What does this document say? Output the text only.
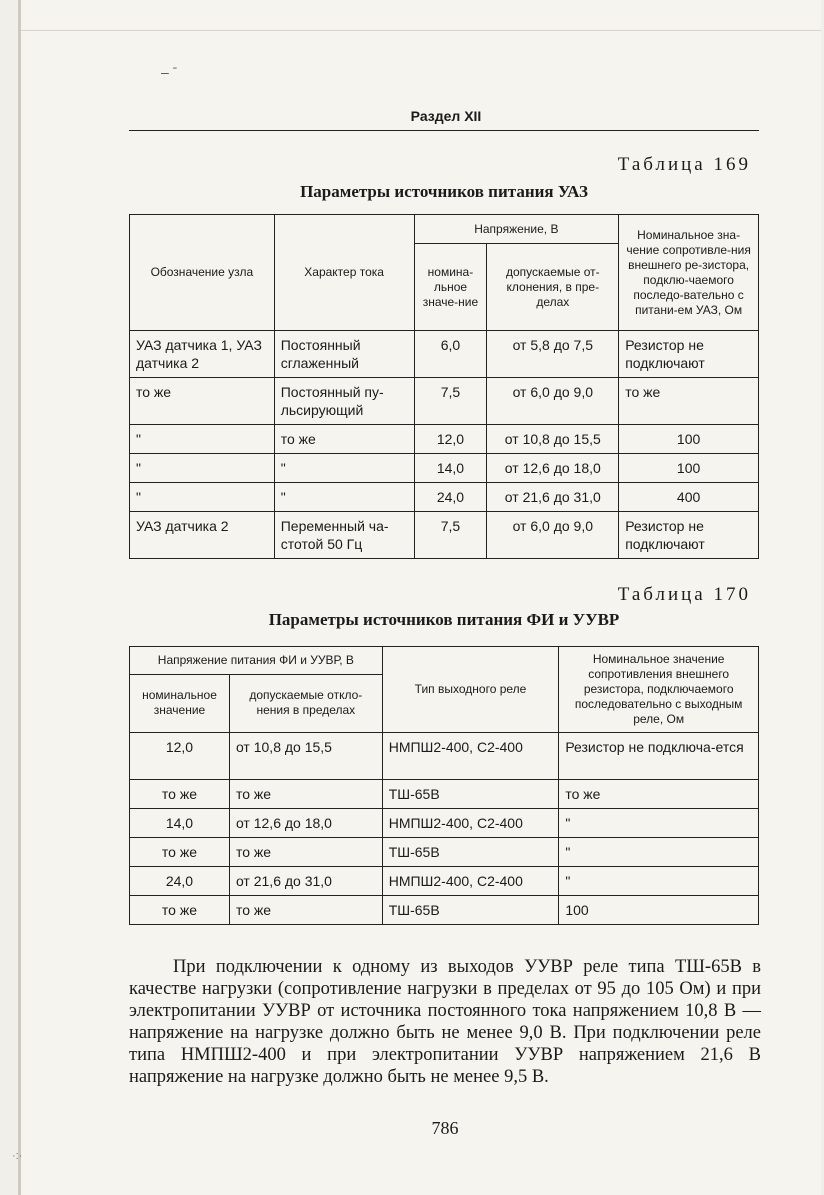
– ˉ
Раздел XII
Таблица 169
Параметры источников питания УАЗ
Обозначение узла	Характер тока	Напряжение, В		Номинальное зна-чение сопротивле-ния внешнего ре-зистора, подклю-чаемого последо-вательно с питани-ем УАЗ, Ом
		номина-льное значе-ние	допускаемые от-клонения, в пре-делах	
УАЗ датчика 1, УАЗ датчика 2	Постоянный сглаженный	6,0	от 5,8 до 7,5	Резистор не подключают
то же	Постоянный пу-льсирующий	7,5	от 6,0 до 9,0	то же
"	то же	12,0	от 10,8 до 15,5	100
"	"	14,0	от 12,6 до 18,0	100
"	"	24,0	от 21,6 до 31,0	400
УАЗ датчика 2	Переменный ча-стотой 50 Гц	7,5	от 6,0 до 9,0	Резистор не подключают
Таблица 170
Параметры источников питания ФИ и УУВР
Напряжение питания ФИ и УУВР, В		Тип выходного реле	Номинальное значение сопротивления внешнего резистора, подключаемого последовательно с выходным реле, Ом
номинальное значение	допускаемые откло-нения в пределах		
12,0	от 10,8 до 15,5	НМПШ2-400, С2-400	Резистор не подключа-ется
то же	то же	ТШ-65В	то же
14,0	от 12,6 до 18,0	НМПШ2-400, С2-400	"
то же	то же	ТШ-65В	"
24,0	от 21,6 до 31,0	НМПШ2-400, С2-400	"
то же	то же	ТШ-65В	100

При подключении к одному из выходов УУВР реле типа ТШ-65В в качестве нагрузки (сопротивление нагрузки в пределах от 95 до 105 Ом) и при электропитании УУВР от источника постоянного тока напряжением 10,8 В — напряжение на нагрузке должно быть не менее 9,0 В. При подключении реле типа НМПШ2-400 и при электропитании УУВР напряжением 21,6 В напряжение на нагрузке должно быть не менее 9,5 В.

786
·:·
